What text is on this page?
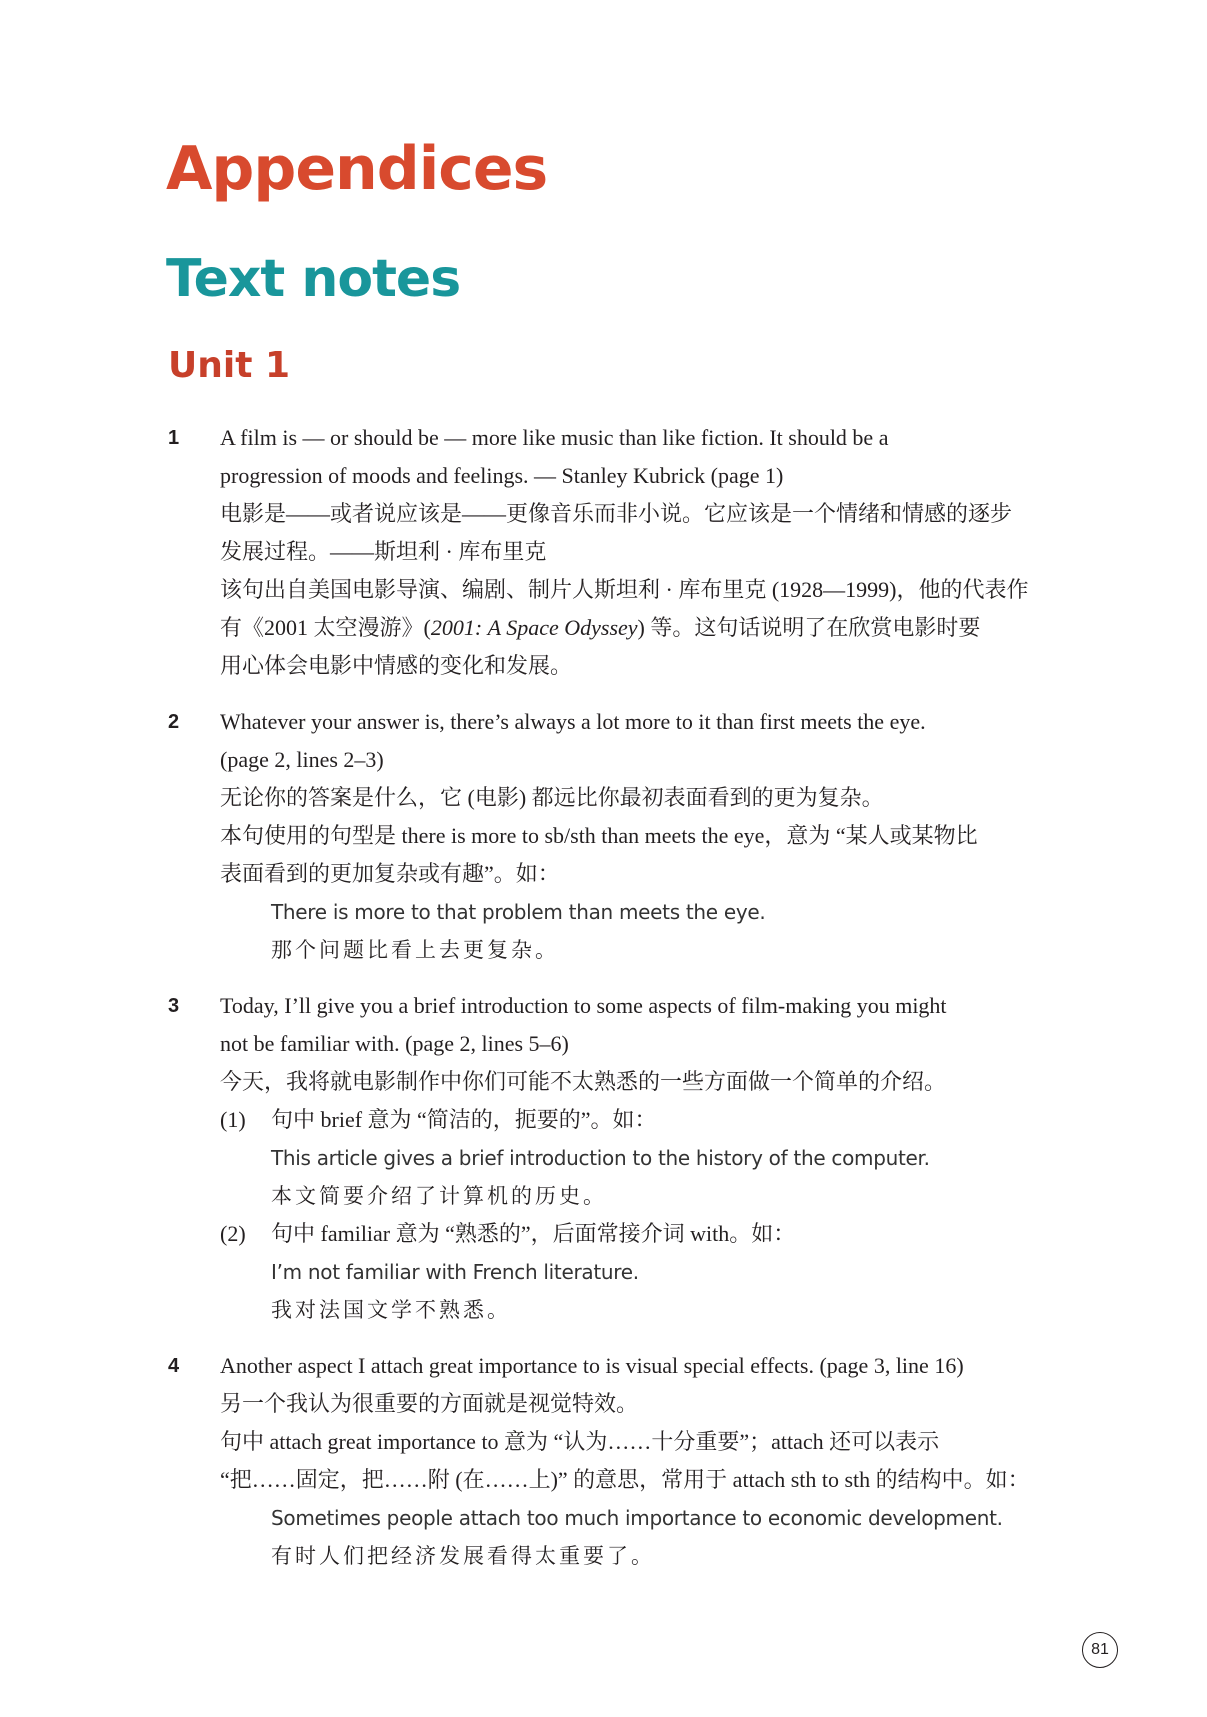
Appendices
Text notes
Unit 1
1	A film is — or should be — more like music than like fiction. It should be a
progression of moods and feelings. — Stanley Kubrick (page 1)
电影是——或者说应该是——更像音乐而非小说。它应该是一个情绪和情感的逐步
发展过程。——斯坦利 · 库布里克
该句出自美国电影导演、编剧、制片人斯坦利 · 库布里克 (1928—1999)，他的代表作
有《2001 太空漫游》(2001: A Space Odyssey) 等。这句话说明了在欣赏电影时要
用心体会电影中情感的变化和发展。
2	Whatever your answer is, there’s always a lot more to it than first meets the eye.
(page 2, lines 2–3)
无论你的答案是什么，它 (电影) 都远比你最初表面看到的更为复杂。
本句使用的句型是 there is more to sb/sth than meets the eye，意为 “某人或某物比
表面看到的更加复杂或有趣”。如：
There is more to that problem than meets the eye.
那个问题比看上去更复杂。
3	Today, I’ll give you a brief introduction to some aspects of film-making you might
not be familiar with. (page 2, lines 5–6)
今天，我将就电影制作中你们可能不太熟悉的一些方面做一个简单的介绍。
(1) 句中 brief 意为 “简洁的，扼要的”。如：
This article gives a brief introduction to the history of the computer.
本文简要介绍了计算机的历史。
(2) 句中 familiar 意为 “熟悉的”，后面常接介词 with。如：
I’m not familiar with French literature.
我对法国文学不熟悉。
4	Another aspect I attach great importance to is visual special effects. (page 3, line 16)
另一个我认为很重要的方面就是视觉特效。
句中 attach great importance to 意为 “认为……十分重要”；attach 还可以表示
“把……固定，把……附 (在……上)” 的意思，常用于 attach sth to sth 的结构中。如：
Sometimes people attach too much importance to economic development.
有时人们把经济发展看得太重要了。
81
